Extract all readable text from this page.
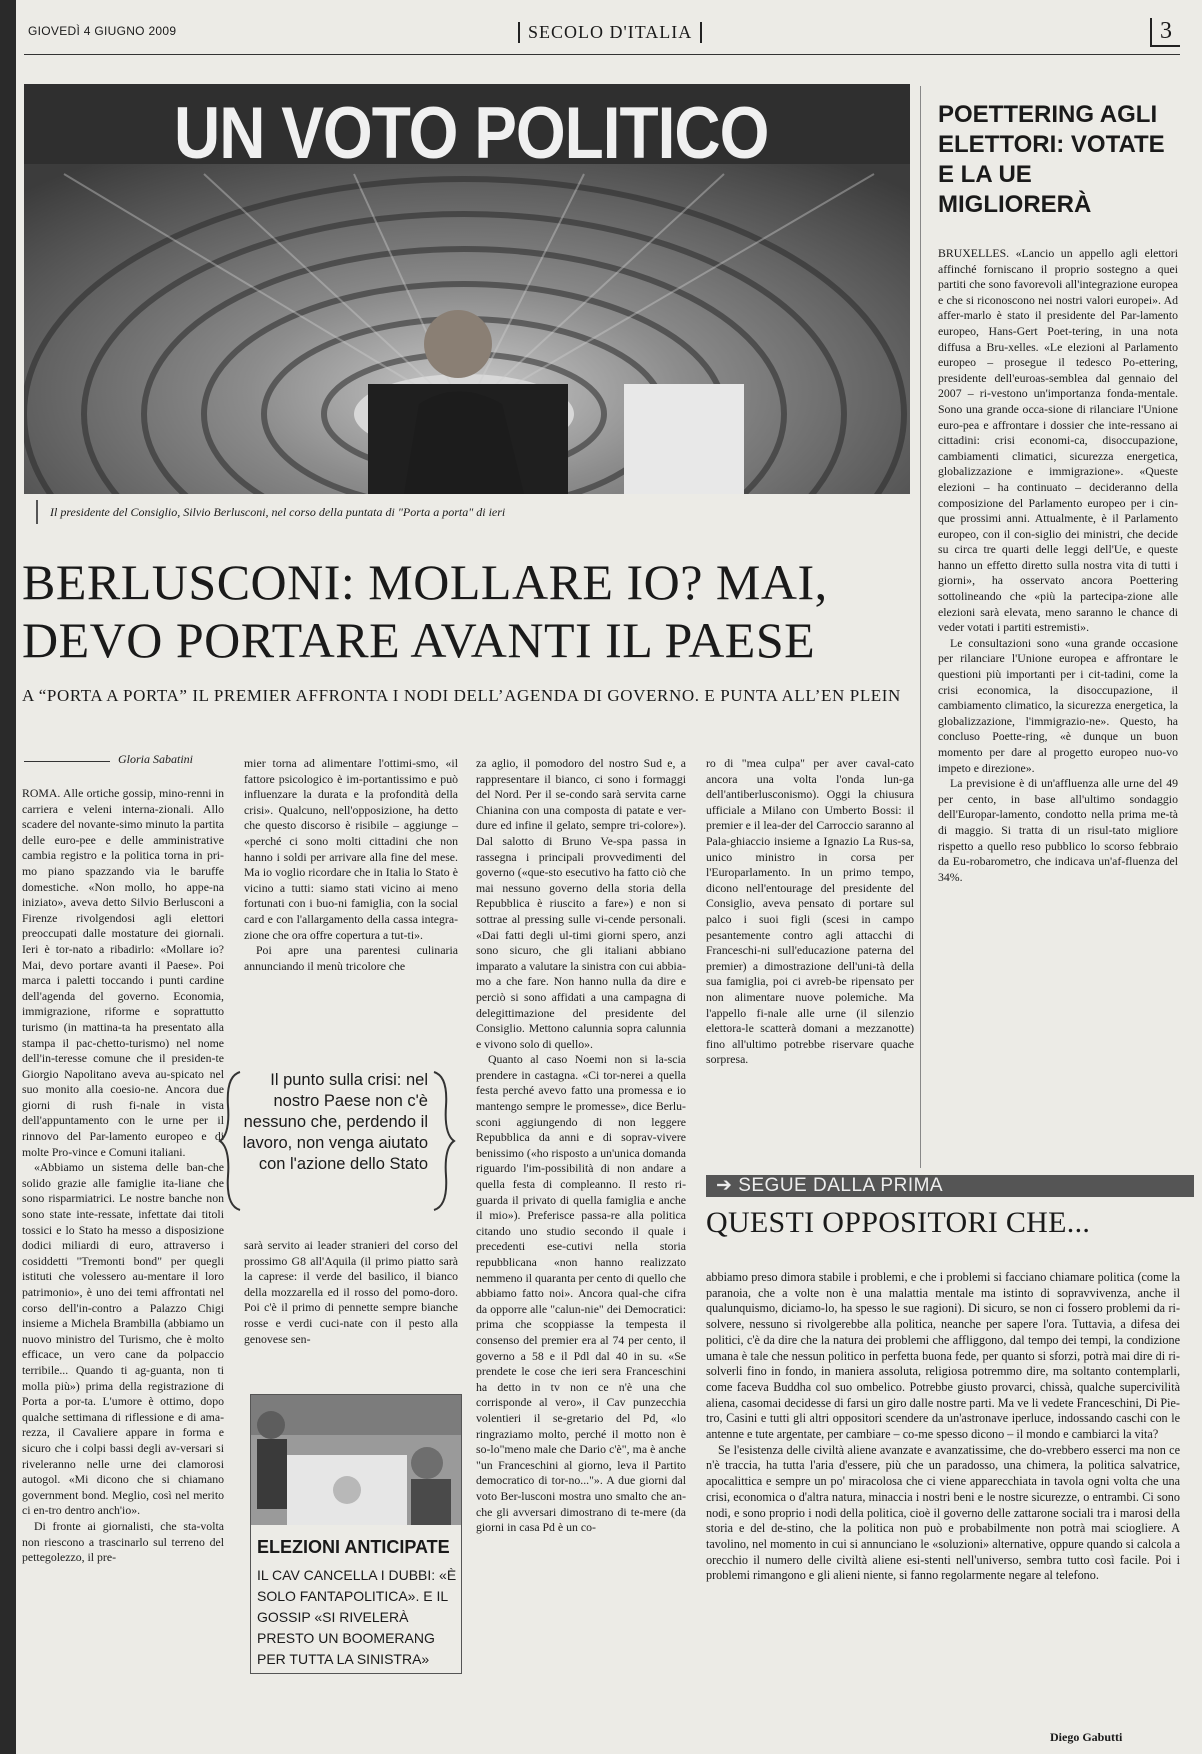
GIOVEDÌ 4 GIUGNO 2009	SECOLO D'ITALIA	3
UN VOTO POLITICO
Il presidente del Consiglio, Silvio Berlusconi, nel corso della puntata di "Porta a porta" di ieri
BERLUSCONI: MOLLARE IO? MAI,
DEVO PORTARE AVANTI IL PAESE
A “PORTA A PORTA” IL PREMIER AFFRONTA I NODI DELL’AGENDA DI GOVERNO. E PUNTA ALL’EN PLEIN
Gloria Sabatini

ROMA. Alle ortiche gossip, mino-renni in carriera e veleni interna-zionali. Allo scadere del novante-simo minuto la partita delle euro-pee e delle amministrative cambia registro e la politica torna in pri-mo piano spazzando via le baruffe domestiche. «Non mollo, ho appe-na iniziato», aveva detto Silvio Berlusconi a Firenze rivolgendosi agli elettori preoccupati dalle mostature dei giornali. Ieri è tor-nato a ribadirlo: «Mollare io? Mai, devo portare avanti il Paese». Poi marca i paletti toccando i punti cardine dell'agenda del governo. Economia, immigrazione, riforme e soprattutto turismo (in mattina-ta ha presentato alla stampa il pac-chetto-turismo) nel nome dell'in-teresse comune che il presiden-te Giorgio Napolitano aveva au-spicato nel suo monito alla coesio-ne. Ancora due giorni di rush fi-nale in vista dell'appuntamento con le urne per il rinnovo del Par-lamento europeo e di molte Pro-vince e Comuni italiani.

«Abbiamo un sistema delle ban-che solido grazie alle famiglie ita-liane che sono risparmiatrici. Le nostre banche non sono state inte-ressate, infettate dai titoli tossici e lo Stato ha messo a disposizione dodici miliardi di euro, attraverso i cosiddetti "Tremonti bond" per quegli istituti che volessero au-mentare il loro patrimonio», è uno dei temi affrontati nel corso dell'in-contro a Palazzo Chigi insieme a Michela Brambilla (abbiamo un nuovo ministro del Turismo, che è molto efficace, un vero cane da polpaccio terribile... Quando ti ag-guanta, non ti molla più») prima della registrazione di Porta a por-ta. L'umore è ottimo, dopo qualche settimana di riflessione e di ama-rezza, il Cavaliere appare in forma e sicuro che i colpi bassi degli av-versari si riveleranno nelle urne dei clamorosi autogol. «Mi dicono che si chiamano government bond. Meglio, così nel merito ci en-tro dentro anch'io».

Di fronte ai giornalisti, che sta-volta non riescono a trascinarlo sul terreno del pettegolezzo, il pre-

mier torna ad alimentare l'ottimi-smo, «il fattore psicologico è im-portantissimo e può influenzare la durata e la profondità della crisi». Qualcuno, nell'opposizione, ha detto che questo discorso è risibile – aggiunge – «perché ci sono molti cittadini che non hanno i soldi per arrivare alla fine del mese. Ma io voglio ricordare che in Italia lo Stato è vicino a tutti: siamo stati vicino ai meno fortunati con i buo-ni famiglia, con la social card e con l'allargamento della cassa integra-zione che ora offre copertura a tut-ti».

Poi apre una parentesi culinaria annunciando il menù tricolore che

Il punto sulla crisi: nel nostro Paese non c'è nessuno che, perdendo il lavoro, non venga aiutato con l'azione dello Stato

sarà servito ai leader stranieri del corso del prossimo G8 all'Aquila (il primo piatto sarà la caprese: il verde del basilico, il bianco della mozzarella ed il rosso del pomo-doro. Poi c'è il primo di pennette sempre bianche rosse e verdi cuci-nate con il pesto alla genovese sen-

ELEZIONI ANTICIPATE
IL CAV CANCELLA I DUBBI: «È SOLO FANTAPOLITICA». E IL GOSSIP «SI RIVELERÀ PRESTO UN BOOMERANG PER TUTTA LA SINISTRA»

za aglio, il pomodoro del nostro Sud e, a rappresentare il bianco, ci sono i formaggi del Nord. Per il se-condo sarà servita carne Chianina con una composta di patate e ver-dure ed infine il gelato, sempre tri-colore»). Dal salotto di Bruno Ve-spa passa in rassegna i principali provvedimenti del governo («que-sto esecutivo ha fatto ciò che mai nessuno governo della storia della Repubblica è riuscito a fare») e non si sottrae al pressing sulle vi-cende personali. «Dai fatti degli ul-timi giorni spero, anzi sono sicuro, che gli italiani abbiano imparato a valutare la sinistra con cui abbia-mo a che fare. Non hanno nulla da dire e perciò si sono affidati a una campagna di delegittimazione del presidente del Consiglio. Mettono calunnia sopra calunnia e vivono solo di quello».

Quanto al caso Noemi non si la-scia prendere in castagna. «Ci tor-nerei a quella festa perché avevo fatto una promessa e io mantengo sempre le promesse», dice Berlu-sconi aggiungendo di non leggere Repubblica da anni e di soprav-vivere benissimo («ho risposto a un'unica domanda riguardo l'im-possibilità di non andare a quella festa di compleanno. Il resto ri-guarda il privato di quella famiglia e anche il mio»). Preferisce passa-re alla politica citando uno studio secondo il quale i precedenti ese-cutivi nella storia repubblicana «non hanno realizzato nemmeno il quaranta per cento di quello che abbiamo fatto noi». Ancora qual-che cifra da opporre alle "calun-nie" dei Democratici: prima che scoppiasse la tempesta il consenso del premier era al 74 per cento, il governo a 58 e il Pdl dal 40 in su. «Se prendete le cose che ieri sera Franceschini ha detto in tv non ce n'è una che corrisponde al vero», il Cav punzecchia volentieri il se-gretario del Pd, «lo ringraziamo molto, perché il motto non è so-lo"meno male che Dario c'è", ma è anche "un Franceschini al giorno, leva il Partito democratico di tor-no..."». A due giorni dal voto Ber-lusconi mostra uno smalto che an-che gli avversari dimostrano di te-mere (da giorni in casa Pd è un co-

ro di "mea culpa" per aver caval-cato ancora una volta l'onda lun-ga dell'antiberlusconismo). Oggi la chiusura ufficiale a Milano con Umberto Bossi: il premier e il lea-der del Carroccio saranno al Pala-ghiaccio insieme a Ignazio La Rus-sa, unico ministro in corsa per l'Europarlamento. In un primo tempo, dicono nell'entourage del presidente del Consiglio, aveva pensato di portare sul palco i suoi figli (scesi in campo pesantemente contro agli attacchi di Franceschi-ni sull'educazione paterna del premier) a dimostrazione dell'uni-tà della sua famiglia, poi ci avreb-be ripensato per non alimentare nuove polemiche. Ma l'appello fi-nale alle urne (il silenzio elettora-le scatterà domani a mezzanotte) fino all'ultimo potrebbe riservare quache sorpresa.

POETTERING AGLI ELETTORI: VOTATE E LA UE MIGLIORERÀ

BRUXELLES. «Lancio un appello agli elettori affinché forniscano il proprio sostegno a quei partiti che sono favorevoli all'integrazione europea e che si riconoscono nei nostri valori europei». Ad affer-marlo è stato il presidente del Par-lamento europeo, Hans-Gert Poet-tering, in una nota diffusa a Bru-xelles. «Le elezioni al Parlamento europeo – prosegue il tedesco Po-ettering, presidente dell'euroas-semblea dal gennaio del 2007 – ri-vestono un'importanza fonda-mentale. Sono una grande occa-sione di rilanciare l'Unione euro-pea e affrontare i dossier che inte-ressano ai cittadini: crisi economi-ca, disoccupazione, cambiamenti climatici, sicurezza energetica, globalizzazione e immigrazione». «Queste elezioni – ha continuato – decideranno della composizione del Parlamento europeo per i cin-que prossimi anni. Attualmente, è il Parlamento europeo, con il con-siglio dei ministri, che decide su circa tre quarti delle leggi dell'Ue, e queste hanno un effetto diretto sulla nostra vita di tutti i giorni», ha osservato ancora Poettering sottolineando che «più la partecipa-zione alle elezioni sarà elevata, meno saranno le chance di veder votati i partiti estremisti».

Le consultazioni sono «una grande occasione per rilanciare l'Unione europea e affrontare le questioni più importanti per i cit-tadini, come la crisi economica, la disoccupazione, il cambiamento climatico, la sicurezza energetica, la globalizzazione, l'immigrazio-ne». Questo, ha concluso Poette-ring, «è dunque un buon momento per dare al progetto europeo nuo-vo impeto e direzione».

La previsione è di un'affluenza alle urne del 49 per cento, in base all'ultimo sondaggio dell'Europar-lamento, condotto nella prima me-tà di maggio. Si tratta di un risul-tato migliore rispetto a quello reso pubblico lo scorso febbraio da Eu-robarometro, che indicava un'af-fluenza del 34%.

➔ SEGUE DALLA PRIMA
QUESTI OPPOSITORI CHE...

abbiamo preso dimora stabile i problemi, e che i problemi si facciano chiamare politica (come la paranoia, che a volte non è una malattia mentale ma istinto di sopravvivenza, anche il qualunquismo, diciamo-lo, ha spesso le sue ragioni). Di sicuro, se non ci fossero problemi da ri-solvere, nessuno si rivolgerebbe alla politica, neanche per sapere l'ora. Tuttavia, a difesa dei politici, c'è da dire che la natura dei problemi che affliggono, dal tempo dei tempi, la condizione umana è tale che nessun politico in perfetta buona fede, per quanto si sforzi, potrà mai dire di ri-solverli fino in fondo, in maniera assoluta, religiosa potremmo dire, ma soltanto contemplarli, come faceva Buddha col suo ombelico. Potrebbe giusto provarci, chissà, qualche supercivilità aliena, casomai decidesse di farsi un giro dalle nostre parti. Ma ve li vedete Franceschini, Di Pie-tro, Casini e tutti gli altri oppositori scendere da un'astronave iperluce, indossando caschi con le antenne e tute argentate, per cambiare – co-me spesso dicono – il mondo e cambiarci la vita?

Se l'esistenza delle civiltà aliene avanzate e avanzatissime, che do-vrebbero esserci ma non ce n'è traccia, ha tutta l'aria d'essere, più che un paradosso, una chimera, la politica salvatrice, apocalittica e sempre un po' miracolosa che ci viene apparecchiata in tavola ogni volta che una crisi, economica o d'altra natura, minaccia i nostri beni e le nostre sicurezze, o entrambi. Ci sono nodi, e sono proprio i nodi della politica, cioè il governo delle zattarone sociali tra i marosi della storia e del de-stino, che la politica non può e probabilmente non potrà mai sciogliere. A tavolino, nel momento in cui si annunciano le «soluzioni» alternative, oppure quando si calcola a orecchio il numero delle civiltà aliene esi-stenti nell'universo, sembra tutto così facile. Poi i problemi rimangono e gli alieni niente, si fanno regolarmente negare al telefono.

Diego Gabutti
